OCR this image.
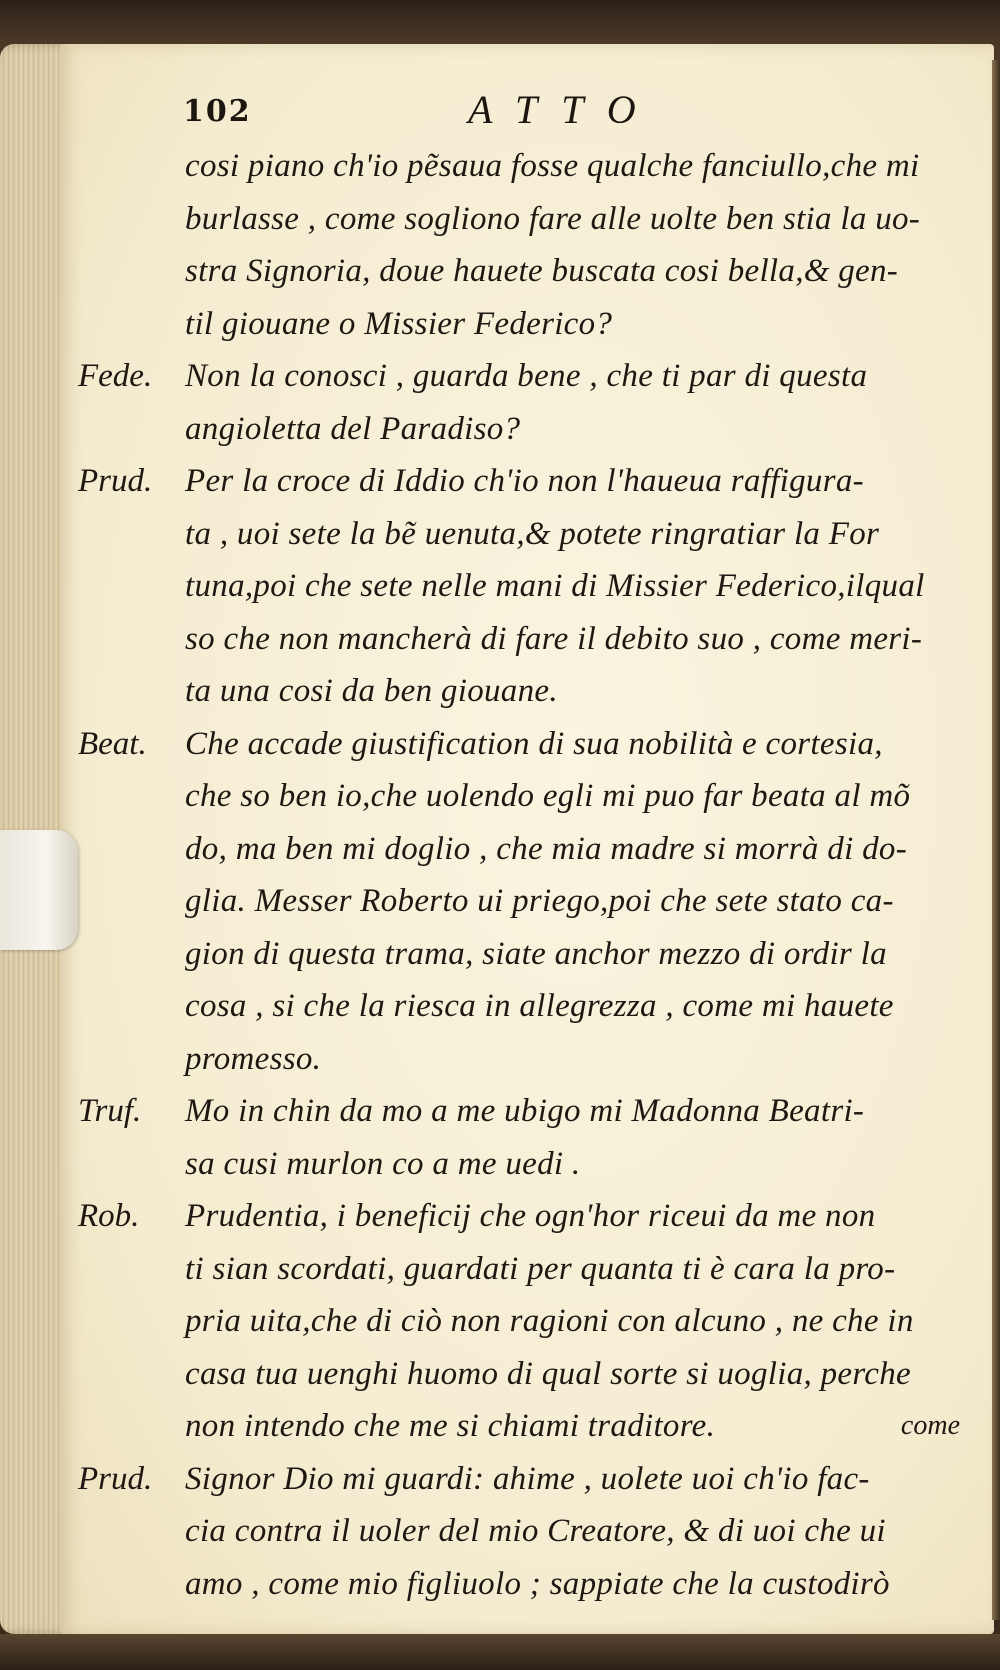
102	ATTO
cosi piano ch'io pẽsaua fosse qualche fanciullo,che mi
burlasse , come sogliono fare alle uolte ben stia la uo-
stra Signoria, doue hauete buscata cosi bella,& gen-
til giouane o Missier Federico?
Fede. Non la conosci , guarda bene , che ti par di questa
angioletta del Paradiso?
Prud. Per la croce di Iddio ch'io non l'haueua raffigura-
ta , uoi sete la bẽ uenuta,& potete ringratiar la For
tuna,poi che sete nelle mani di Missier Federico,ilqual
so che non mancherà di fare il debito suo , come meri-
ta una cosi da ben giouane.
Beat.	Che accade giustification di sua nobilità e cortesia,
che so ben io,che uolendo egli mi puo far beata al mõ
do, ma ben mi doglio , che mia madre si morrà di do-
glia. Messer Roberto ui priego,poi che sete stato ca-
gion di questa trama, siate anchor mezzo di ordir la
cosa , si che la riesca in allegrezza , come mi hauete
promesso.
Truf.	Mo in chin da mo a me ubigo mi Madonna Beatri-
sa cusi murlon co a me uedi .
Rob.	Prudentia, i beneficij che ogn'hor riceui da me non
ti sian scordati, guardati per quanta ti è cara la pro-
pria uita,che di ciò non ragioni con alcuno , ne che in
casa tua uenghi huomo di qual sorte si uoglia, perche
non intendo che me si chiami traditore.
Prud. Signor Dio mi guardi: ahime , uolete uoi ch'io fac-
cia contra il uoler del mio Creatore, & di uoi che ui
amo , come mio figliuolo ; sappiate che la custodirò
come
